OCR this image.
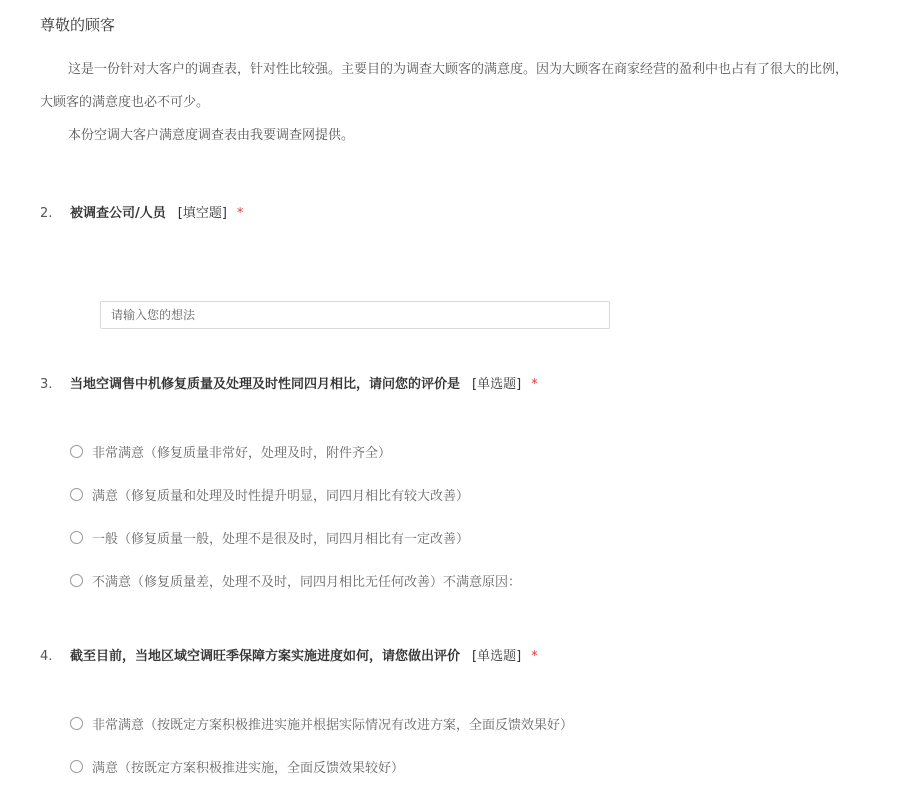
尊敬的顾客
这是一份针对大客户的调查表，针对性比较强。主要目的为调查大顾客的满意度。因为大顾客在商家经营的盈利中也占有了很大的比例，
大顾客的满意度也必不可少。
本份空调大客户满意度调查表由我要调查网提供。
2. 被调查公司/人员 [填空题] *
请输入您的想法
3. 当地空调售中机修复质量及处理及时性同四月相比，请问您的评价是 [单选题] *
非常满意（修复质量非常好，处理及时，附件齐全）
满意（修复质量和处理及时性提升明显，同四月相比有较大改善）
一般（修复质量一般，处理不是很及时，同四月相比有一定改善）
不满意（修复质量差，处理不及时，同四月相比无任何改善）不满意原因：
4. 截至目前，当地区域空调旺季保障方案实施进度如何，请您做出评价 [单选题] *
非常满意（按既定方案积极推进实施并根据实际情况有改进方案，全面反馈效果好）
满意（按既定方案积极推进实施，全面反馈效果较好）
